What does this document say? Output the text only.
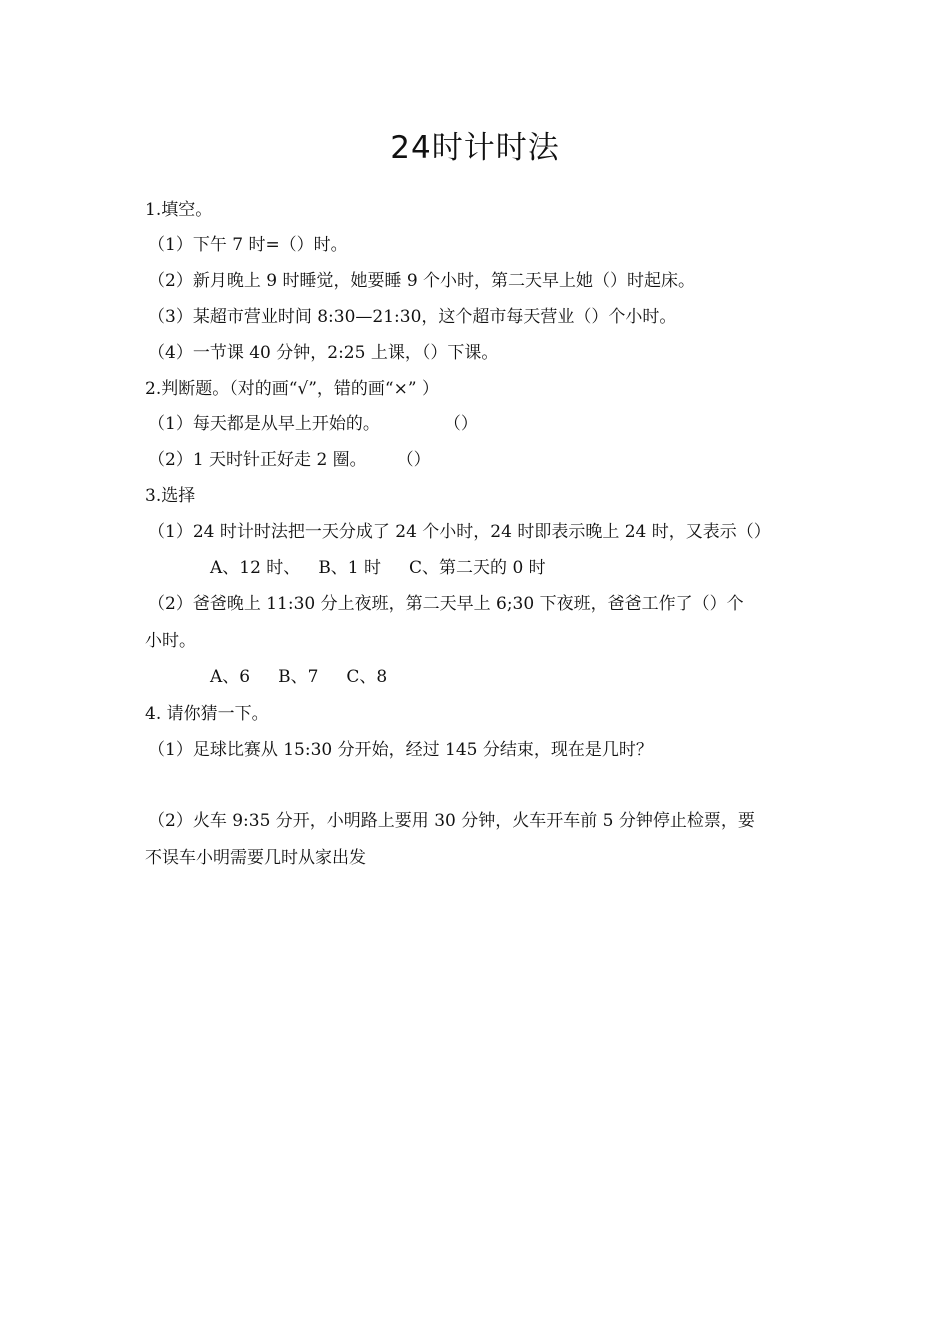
24时计时法
1.填空。
（1）下午 7 时=（）时。
（2）新月晚上 9 时睡觉，她要睡 9 个小时，第二天早上她（）时起床。
（3）某超市营业时间 8:30—21:30，这个超市每天营业（）个小时。
（4）一节课 40 分钟，2:25 上课，（）下课。
2.判断题。（对的画“√”，错的画“×” ）
（1）每天都是从早上开始的。	（）
（2）1 天时针正好走 2 圈。 （）
3.选择
（1）24 时计时法把一天分成了 24 个小时，24 时即表示晚上 24 时，又表示（）
A、12 时、 B、1 时 C、第二天的 0 时
（2）爸爸晚上 11:30 分上夜班，第二天早上 6;30 下夜班，爸爸工作了（）个
小时。
A、6 B、7 C、8
4. 请你猜一下。
（1）足球比赛从 15:30 分开始，经过 145 分结束，现在是几时？
（2）火车 9:35 分开，小明路上要用 30 分钟，火车开车前 5 分钟停止检票，要
不误车小明需要几时从家出发
